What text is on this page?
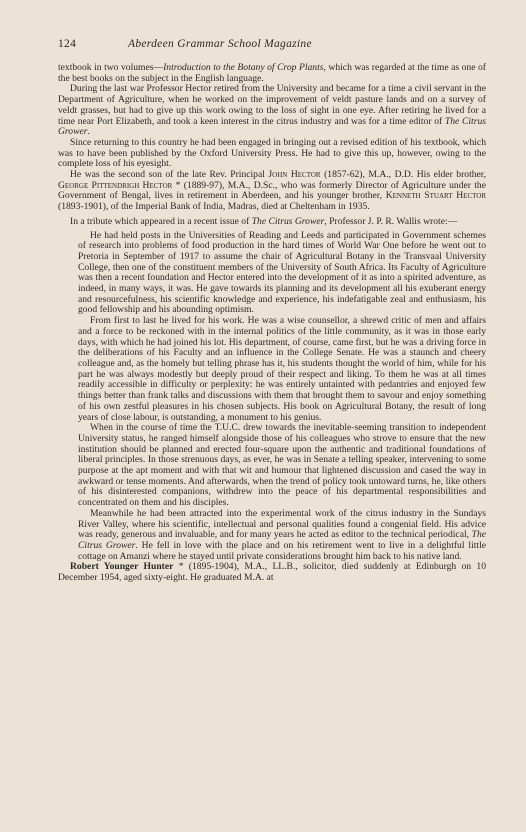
124	Aberdeen Grammar School Magazine

textbook in two volumes—Introduction to the Botany of Crop Plants, which was regarded at the time as one of the best books on the subject in the English language.

During the last war Professor Hector retired from the University and became for a time a civil servant in the Department of Agriculture, when he worked on the improvement of veldt pasture lands and on a survey of veldt grasses, but had to give up this work owing to the loss of sight in one eye. After retiring he lived for a time near Port Elizabeth, and took a keen interest in the citrus industry and was for a time editor of The Citrus Grower.

Since returning to this country he had been engaged in bringing out a revised edition of his textbook, which was to have been published by the Oxford University Press. He had to give this up, however, owing to the complete loss of his eyesight.

He was the second son of the late Rev. Principal John Hector (1857-62), M.A., D.D. His elder brother, George Pittendrigh Hector * (1889-97), M.A., D.Sc., who was formerly Director of Agriculture under the Government of Bengal, lives in retirement in Aberdeen, and his younger brother, Kenneth Stuart Hector (1893-1901), of the Imperial Bank of India, Madras, died at Cheltenham in 1935.

In a tribute which appeared in a recent issue of The Citrus Grower, Professor J. P. R. Wallis wrote:—

He had held posts in the Universities of Reading and Leeds and participated in Government schemes of research into problems of food production in the hard times of World War One before he went out to Pretoria in September of 1917 to assume the chair of Agricultural Botany in the Transvaal University College, then one of the constituent members of the University of South Africa. Its Faculty of Agriculture was then a recent foundation and Hector entered into the development of it as into a spirited adventure, as indeed, in many ways, it was. He gave towards its planning and its development all his exuberant energy and resourcefulness, his scientific knowledge and experience, his indefatigable zeal and enthusiasm, his good fellowship and his abounding optimism.

From first to last he lived for his work. He was a wise counsellor, a shrewd critic of men and affairs and a force to be reckoned with in the internal politics of the little community, as it was in those early days, with which he had joined his lot. His department, of course, came first, but he was a driving force in the deliberations of his Faculty and an influence in the College Senate. He was a staunch and cheery colleague and, as the homely but telling phrase has it, his students thought the world of him, while for his part he was always modestly but deeply proud of their respect and liking. To them he was at all times readily accessible in difficulty or perplexity: he was entirely untainted with pedantries and enjoyed few things better than frank talks and discussions with them that brought them to savour and enjoy something of his own zestful pleasures in his chosen subjects. His book on Agricultural Botany, the result of long years of close labour, is outstanding, a monument to his genius.

When in the course of time the T.U.C. drew towards the inevitable-seeming transition to independent University status, he ranged himself alongside those of his colleagues who strove to ensure that the new institution should be planned and erected four-square upon the authentic and traditional foundations of liberal principles. In those strenuous days, as ever, he was in Senate a telling speaker, intervening to some purpose at the apt moment and with that wit and humour that lightened discussion and cased the way in awkward or tense moments. And afterwards, when the trend of policy took untoward turns, he, like others of his disinterested companions, withdrew into the peace of his departmental responsibilities and concentrated on them and his disciples.

Meanwhile he had been attracted into the experimental work of the citrus industry in the Sundays River Valley, where his scientific, intellectual and personal qualities found a congenial field. His advice was ready, generous and invaluable, and for many years he acted as editor to the technical periodical, The Citrus Grower. He fell in love with the place and on his retirement went to live in a delightful little cottage on Amanzi where he stayed until private considerations brought him back to his native land.

Robert Younger Hunter * (1895-1904), M.A., LL.B., solicitor, died suddenly at Edinburgh on 10 December 1954, aged sixty-eight. He graduated M.A. at
